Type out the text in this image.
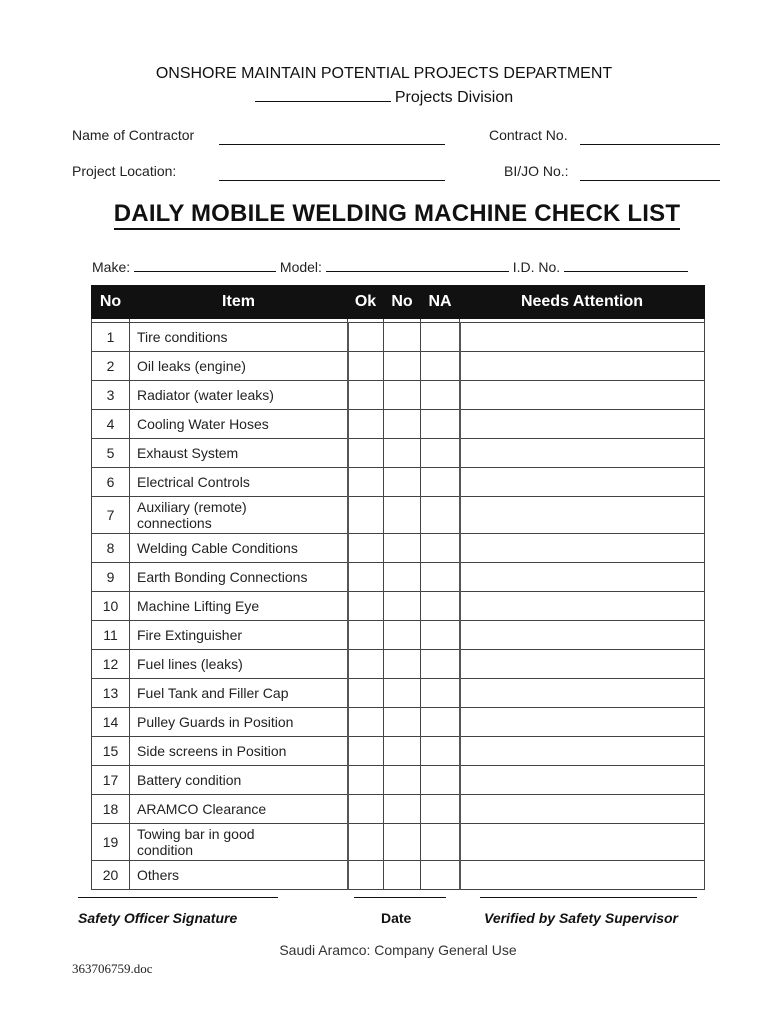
ONSHORE MAINTAIN POTENTIAL PROJECTS DEPARTMENT
Projects Division
Name of Contractor	Contract No.
Project Location:	BI/JO No.:
DAILY MOBILE WELDING MACHINE CHECK LIST
Make:	Model:	I.D. No.
No	Item	Ok	No	NA	Needs Attention

1	Tire conditions				
2	Oil leaks (engine)				
3	Radiator (water leaks)				
4	Cooling Water Hoses				
5	Exhaust System				
6	Electrical Controls				
7	Auxiliary (remote) connections				
8	Welding Cable Conditions				
9	Earth Bonding Connections				
10	Machine Lifting Eye				
11	Fire Extinguisher				
12	Fuel lines (leaks)				
13	Fuel Tank and Filler Cap				
14	Pulley Guards in Position				
15	Side screens in Position				
17	Battery condition				
18	ARAMCO Clearance				
19	Towing bar in good condition				
20	Others				
Safety Officer Signature	Date	Verified by Safety Supervisor
Saudi Aramco: Company General Use
363706759.doc
